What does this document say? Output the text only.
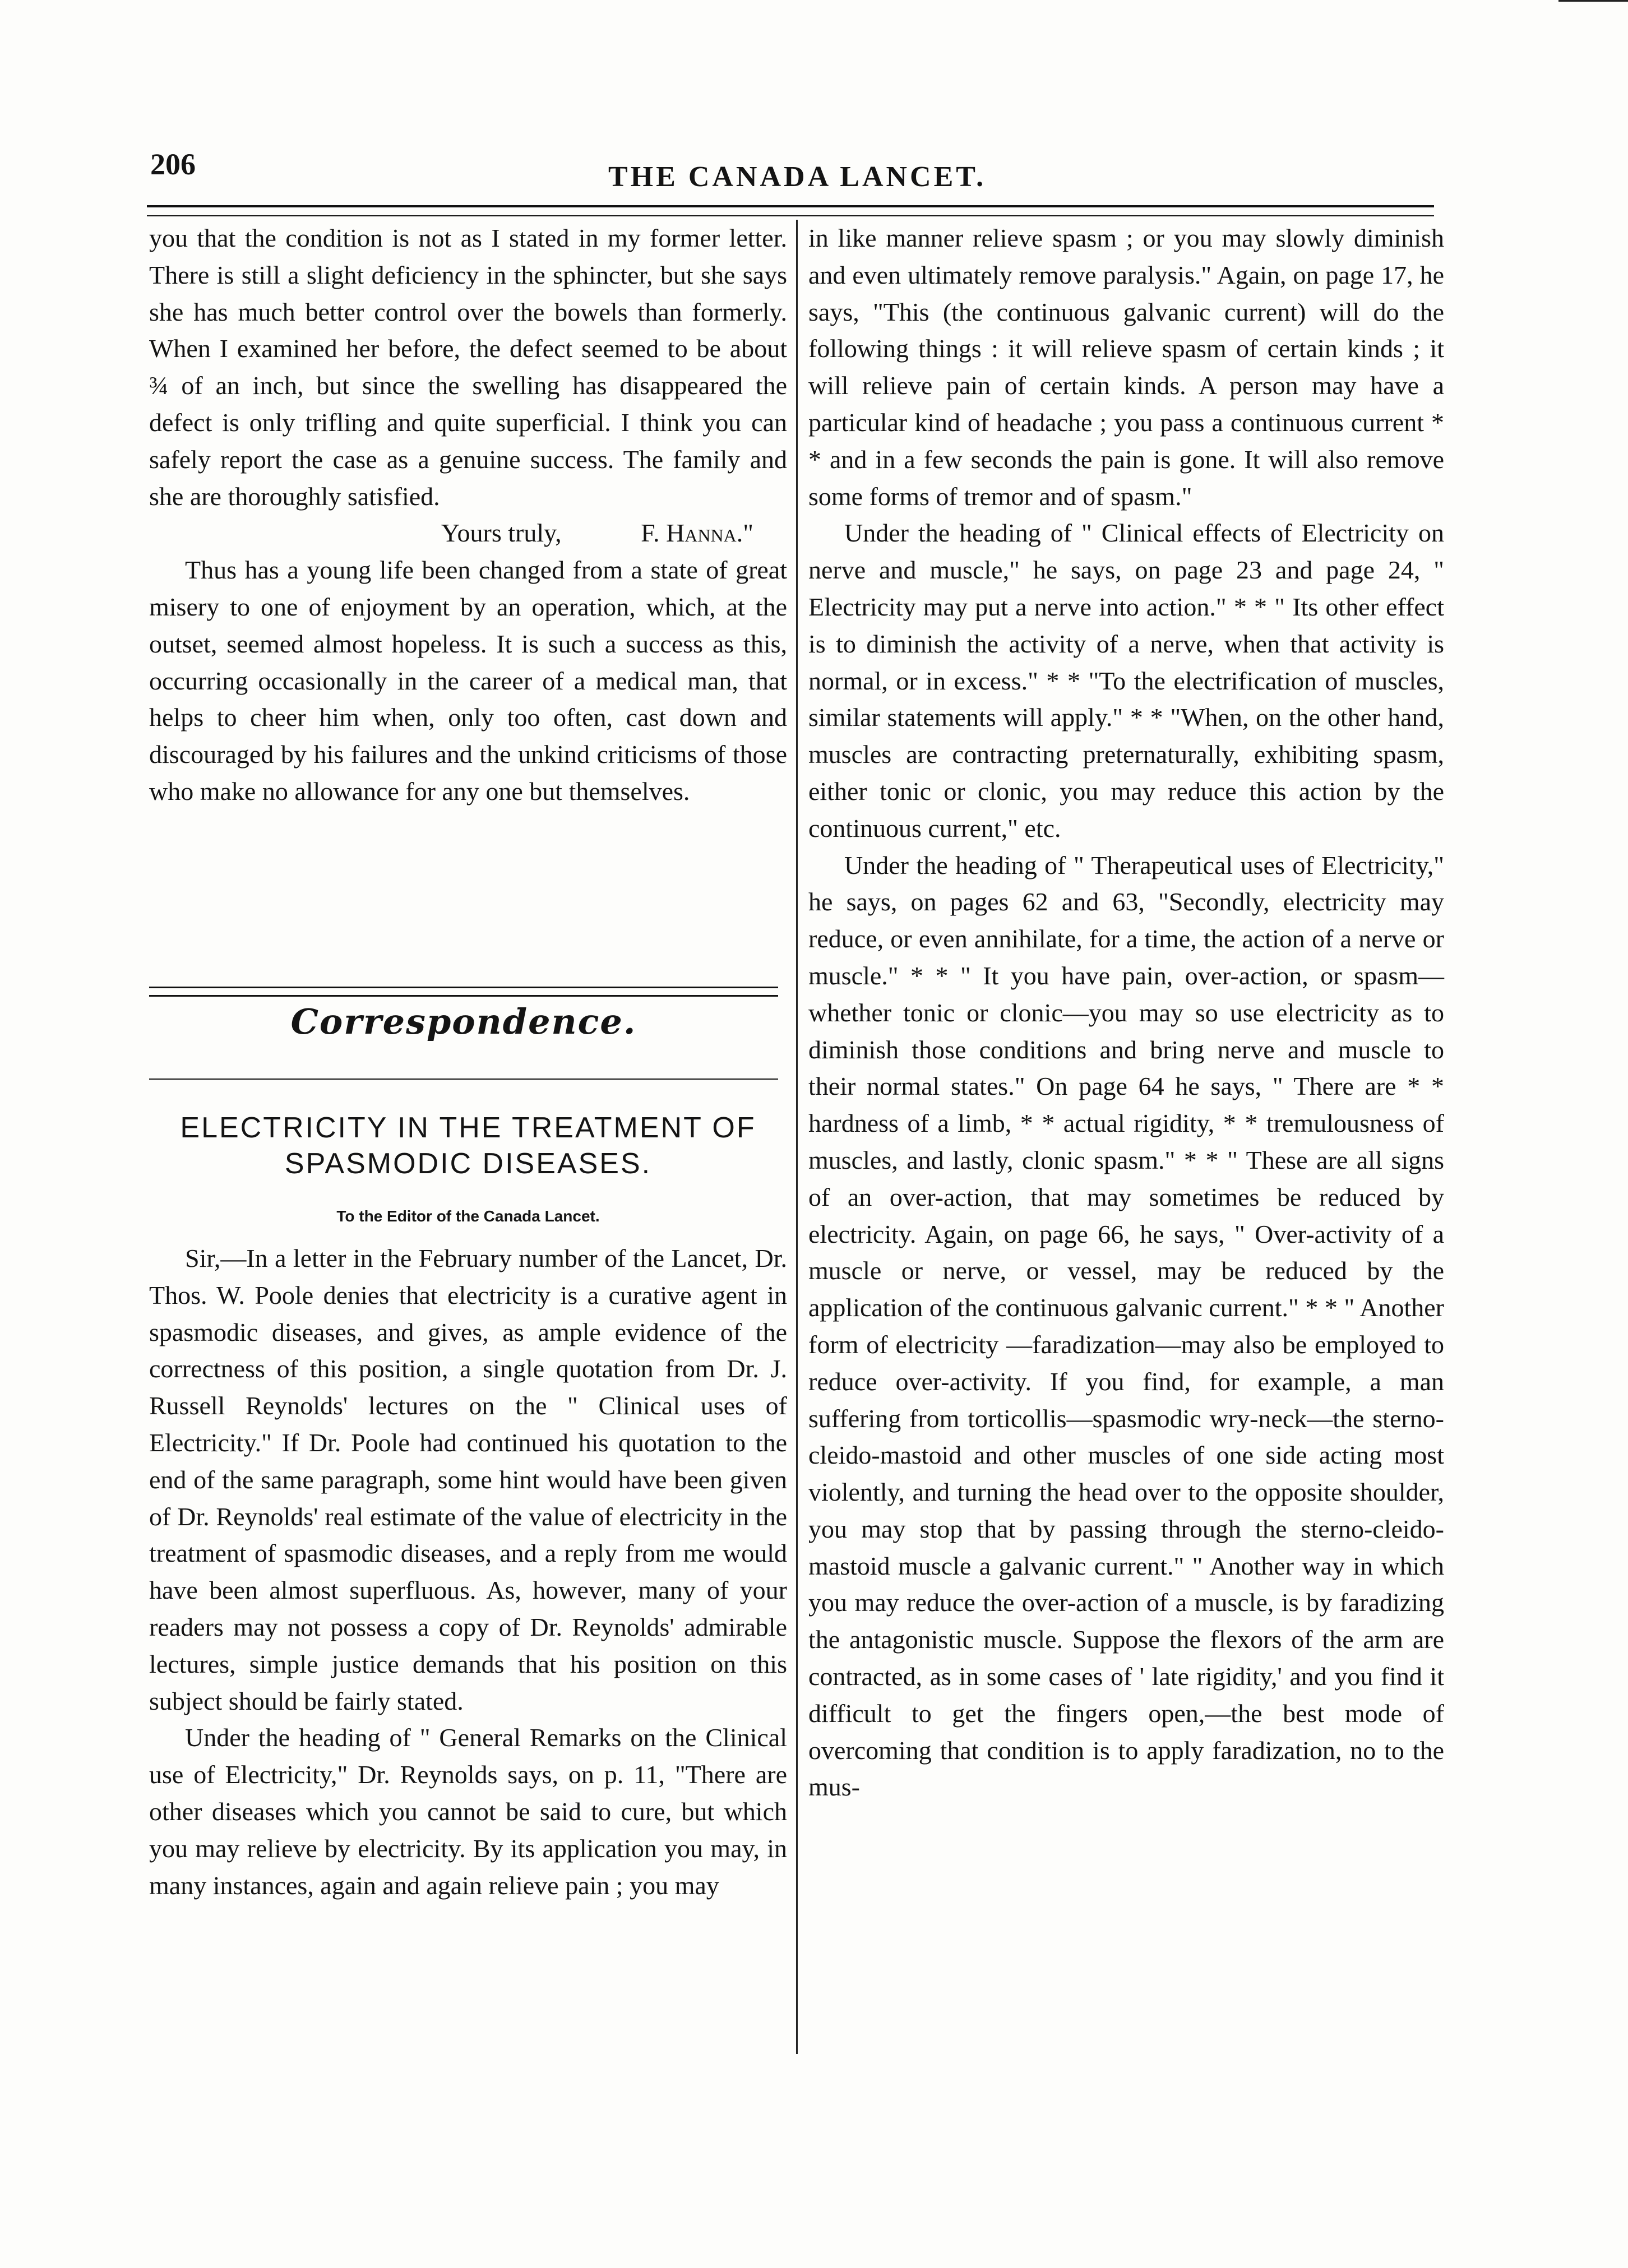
206	THE CANADA LANCET.

you that the condition is not as I stated in my former letter. There is still a slight deficiency in the sphincter, but she says she has much better control over the bowels than formerly. When I examined her before, the defect seemed to be about ¾ of an inch, but since the swelling has disappeared the defect is only trifling and quite superficial. I think you can safely report the case as a genuine success. The family and she are thoroughly satisfied.

Yours truly,	F. Hanna."

Thus has a young life been changed from a state of great misery to one of enjoyment by an operation, which, at the outset, seemed almost hopeless. It is such a success as this, occurring occasionally in the career of a medical man, that helps to cheer him when, only too often, cast down and discouraged by his failures and the unkind criticisms of those who make no allowance for any one but themselves.

Correspondence.
ELECTRICITY IN THE TREATMENT OF SPASMODIC DISEASES.
To the Editor of the Canada Lancet.

Sir,—In a letter in the February number of the Lancet, Dr. Thos. W. Poole denies that electricity is a curative agent in spasmodic diseases, and gives, as ample evidence of the correctness of this position, a single quotation from Dr. J. Russell Reynolds' lectures on the " Clinical uses of Electricity." If Dr. Poole had continued his quotation to the end of the same paragraph, some hint would have been given of Dr. Reynolds' real estimate of the value of electricity in the treatment of spasmodic diseases, and a reply from me would have been almost superfluous. As, however, many of your readers may not possess a copy of Dr. Reynolds' admirable lectures, simple justice demands that his position on this subject should be fairly stated.

Under the heading of " General Remarks on the Clinical use of Electricity," Dr. Reynolds says, on p. 11, "There are other diseases which you cannot be said to cure, but which you may relieve by electricity. By its application you may, in many instances, again and again relieve pain ; you may

in like manner relieve spasm ; or you may slowly diminish and even ultimately remove paralysis." Again, on page 17, he says, "This (the continuous galvanic current) will do the following things : it will relieve spasm of certain kinds ; it will relieve pain of certain kinds. A person may have a particular kind of headache ; you pass a continuous current * * and in a few seconds the pain is gone. It will also remove some forms of tremor and of spasm."

Under the heading of " Clinical effects of Electricity on nerve and muscle," he says, on page 23 and page 24, " Electricity may put a nerve into action." * * " Its other effect is to diminish the activity of a nerve, when that activity is normal, or in excess." * * "To the electrification of muscles, similar statements will apply." * * "When, on the other hand, muscles are contracting preternaturally, exhibiting spasm, either tonic or clonic, you may reduce this action by the continuous current," etc.

Under the heading of " Therapeutical uses of Electricity," he says, on pages 62 and 63, "Secondly, electricity may reduce, or even annihilate, for a time, the action of a nerve or muscle." * * " It you have pain, over-action, or spasm—whether tonic or clonic—you may so use electricity as to diminish those conditions and bring nerve and muscle to their normal states." On page 64 he says, " There are * * hardness of a limb, * * actual rigidity, * * tremulousness of muscles, and lastly, clonic spasm." * * " These are all signs of an over-action, that may sometimes be reduced by electricity. Again, on page 66, he says, " Over-activity of a muscle or nerve, or vessel, may be reduced by the application of the continuous galvanic current." * * " Another form of electricity —faradization—may also be employed to reduce over-activity. If you find, for example, a man suffering from torticollis—spasmodic wry-neck—the sterno-cleido-mastoid and other muscles of one side acting most violently, and turning the head over to the opposite shoulder, you may stop that by passing through the sterno-cleido-mastoid muscle a galvanic current." " Another way in which you may reduce the over-action of a muscle, is by faradizing the antagonistic muscle. Suppose the flexors of the arm are contracted, as in some cases of ' late rigidity,' and you find it difficult to get the fingers open,—the best mode of overcoming that condition is to apply faradization, no to the mus-
